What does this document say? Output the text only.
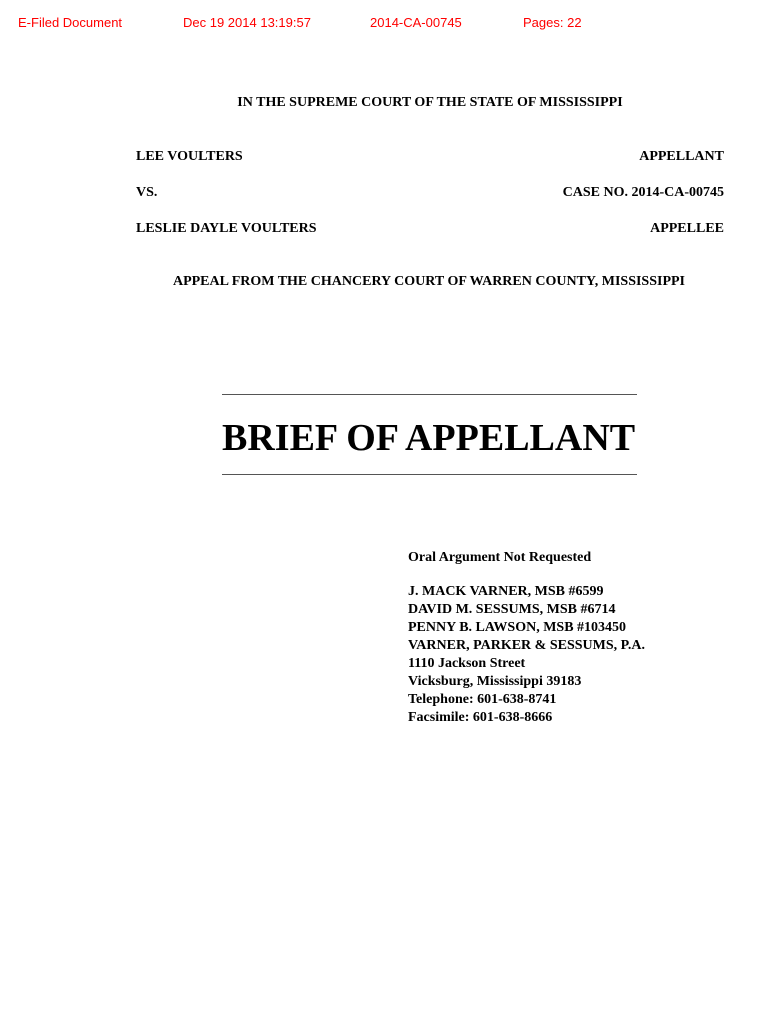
E-Filed Document	Dec 19 2014 13:19:57	2014-CA-00745	Pages: 22
IN THE SUPREME COURT OF THE STATE OF MISSISSIPPI
LEE VOULTERS	APPELLANT
VS.	CASE NO. 2014-CA-00745
LESLIE DAYLE VOULTERS	APPELLEE
APPEAL FROM THE CHANCERY COURT OF WARREN COUNTY, MISSISSIPPI
BRIEF OF APPELLANT
Oral Argument Not Requested
J. MACK VARNER, MSB #6599
DAVID M. SESSUMS, MSB #6714
PENNY B. LAWSON, MSB #103450
VARNER, PARKER & SESSUMS, P.A.
1110 Jackson Street
Vicksburg, Mississippi 39183
Telephone: 601-638-8741
Facsimile: 601-638-8666
